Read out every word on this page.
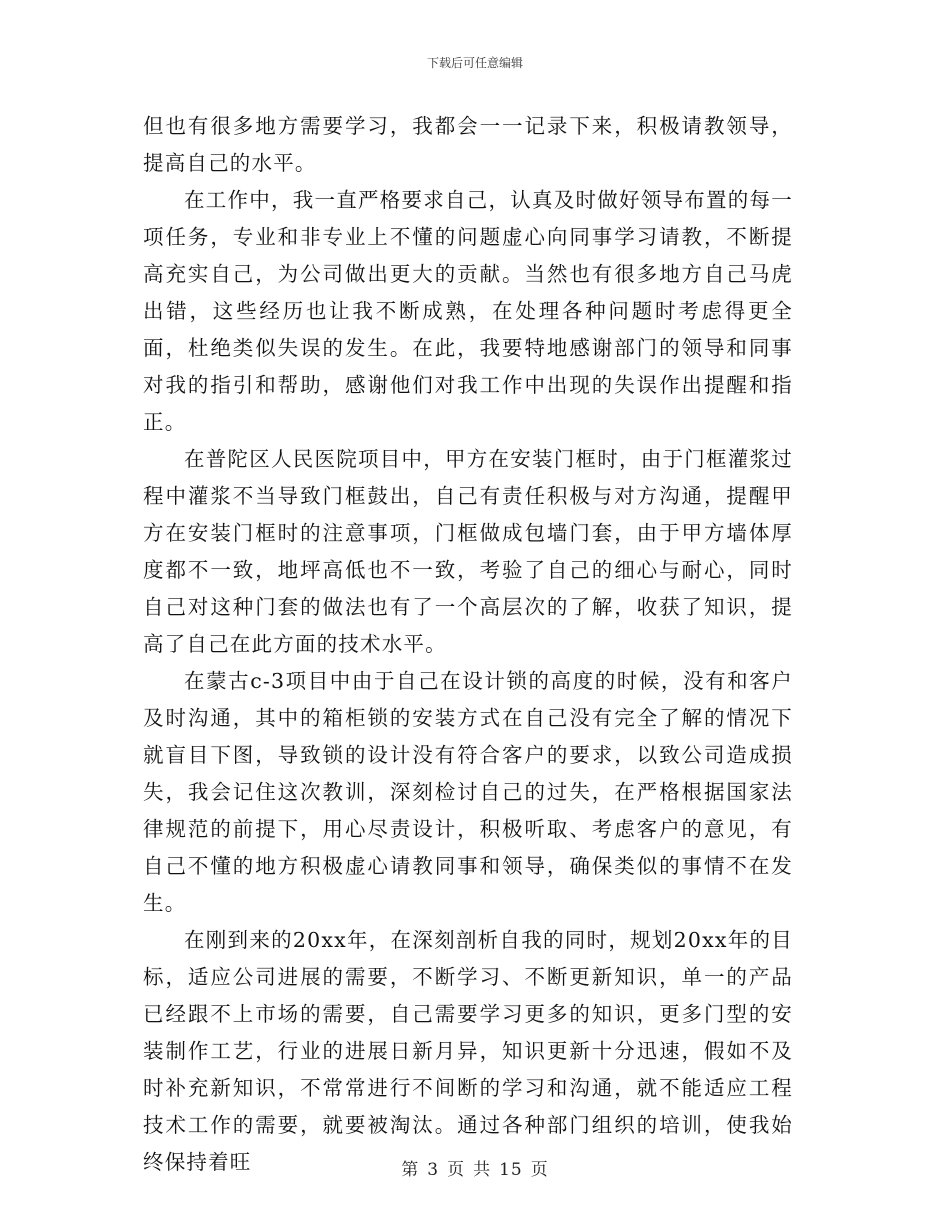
下载后可任意编辑

但也有很多地方需要学习，我都会一一记录下来，积极请教领导，提高自己的水平。

在工作中，我一直严格要求自己，认真及时做好领导布置的每一项任务，专业和非专业上不懂的问题虚心向同事学习请教，不断提高充实自己，为公司做出更大的贡献。当然也有很多地方自己马虎出错，这些经历也让我不断成熟，在处理各种问题时考虑得更全面，杜绝类似失误的发生。在此，我要特地感谢部门的领导和同事对我的指引和帮助，感谢他们对我工作中出现的失误作出提醒和指正。

在普陀区人民医院项目中，甲方在安装门框时，由于门框灌浆过程中灌浆不当导致门框鼓出，自己有责任积极与对方沟通，提醒甲方在安装门框时的注意事项，门框做成包墙门套，由于甲方墙体厚度都不一致，地坪高低也不一致，考验了自己的细心与耐心，同时自己对这种门套的做法也有了一个高层次的了解，收获了知识，提高了自己在此方面的技术水平。

在蒙古c-3项目中由于自己在设计锁的高度的时候，没有和客户及时沟通，其中的箱柜锁的安装方式在自己没有完全了解的情况下就盲目下图，导致锁的设计没有符合客户的要求，以致公司造成损失，我会记住这次教训，深刻检讨自己的过失，在严格根据国家法律规范的前提下，用心尽责设计，积极听取、考虑客户的意见，有自己不懂的地方积极虚心请教同事和领导，确保类似的事情不在发生。

在刚到来的20xx年，在深刻剖析自我的同时，规划20xx年的目标，适应公司进展的需要，不断学习、不断更新知识，单一的产品已经跟不上市场的需要，自己需要学习更多的知识，更多门型的安装制作工艺，行业的进展日新月异，知识更新十分迅速，假如不及时补充新知识，不常常进行不间断的学习和沟通，就不能适应工程技术工作的需要，就要被淘汰。通过各种部门组织的培训，使我始终保持着旺	第 3 页 共 15 页
